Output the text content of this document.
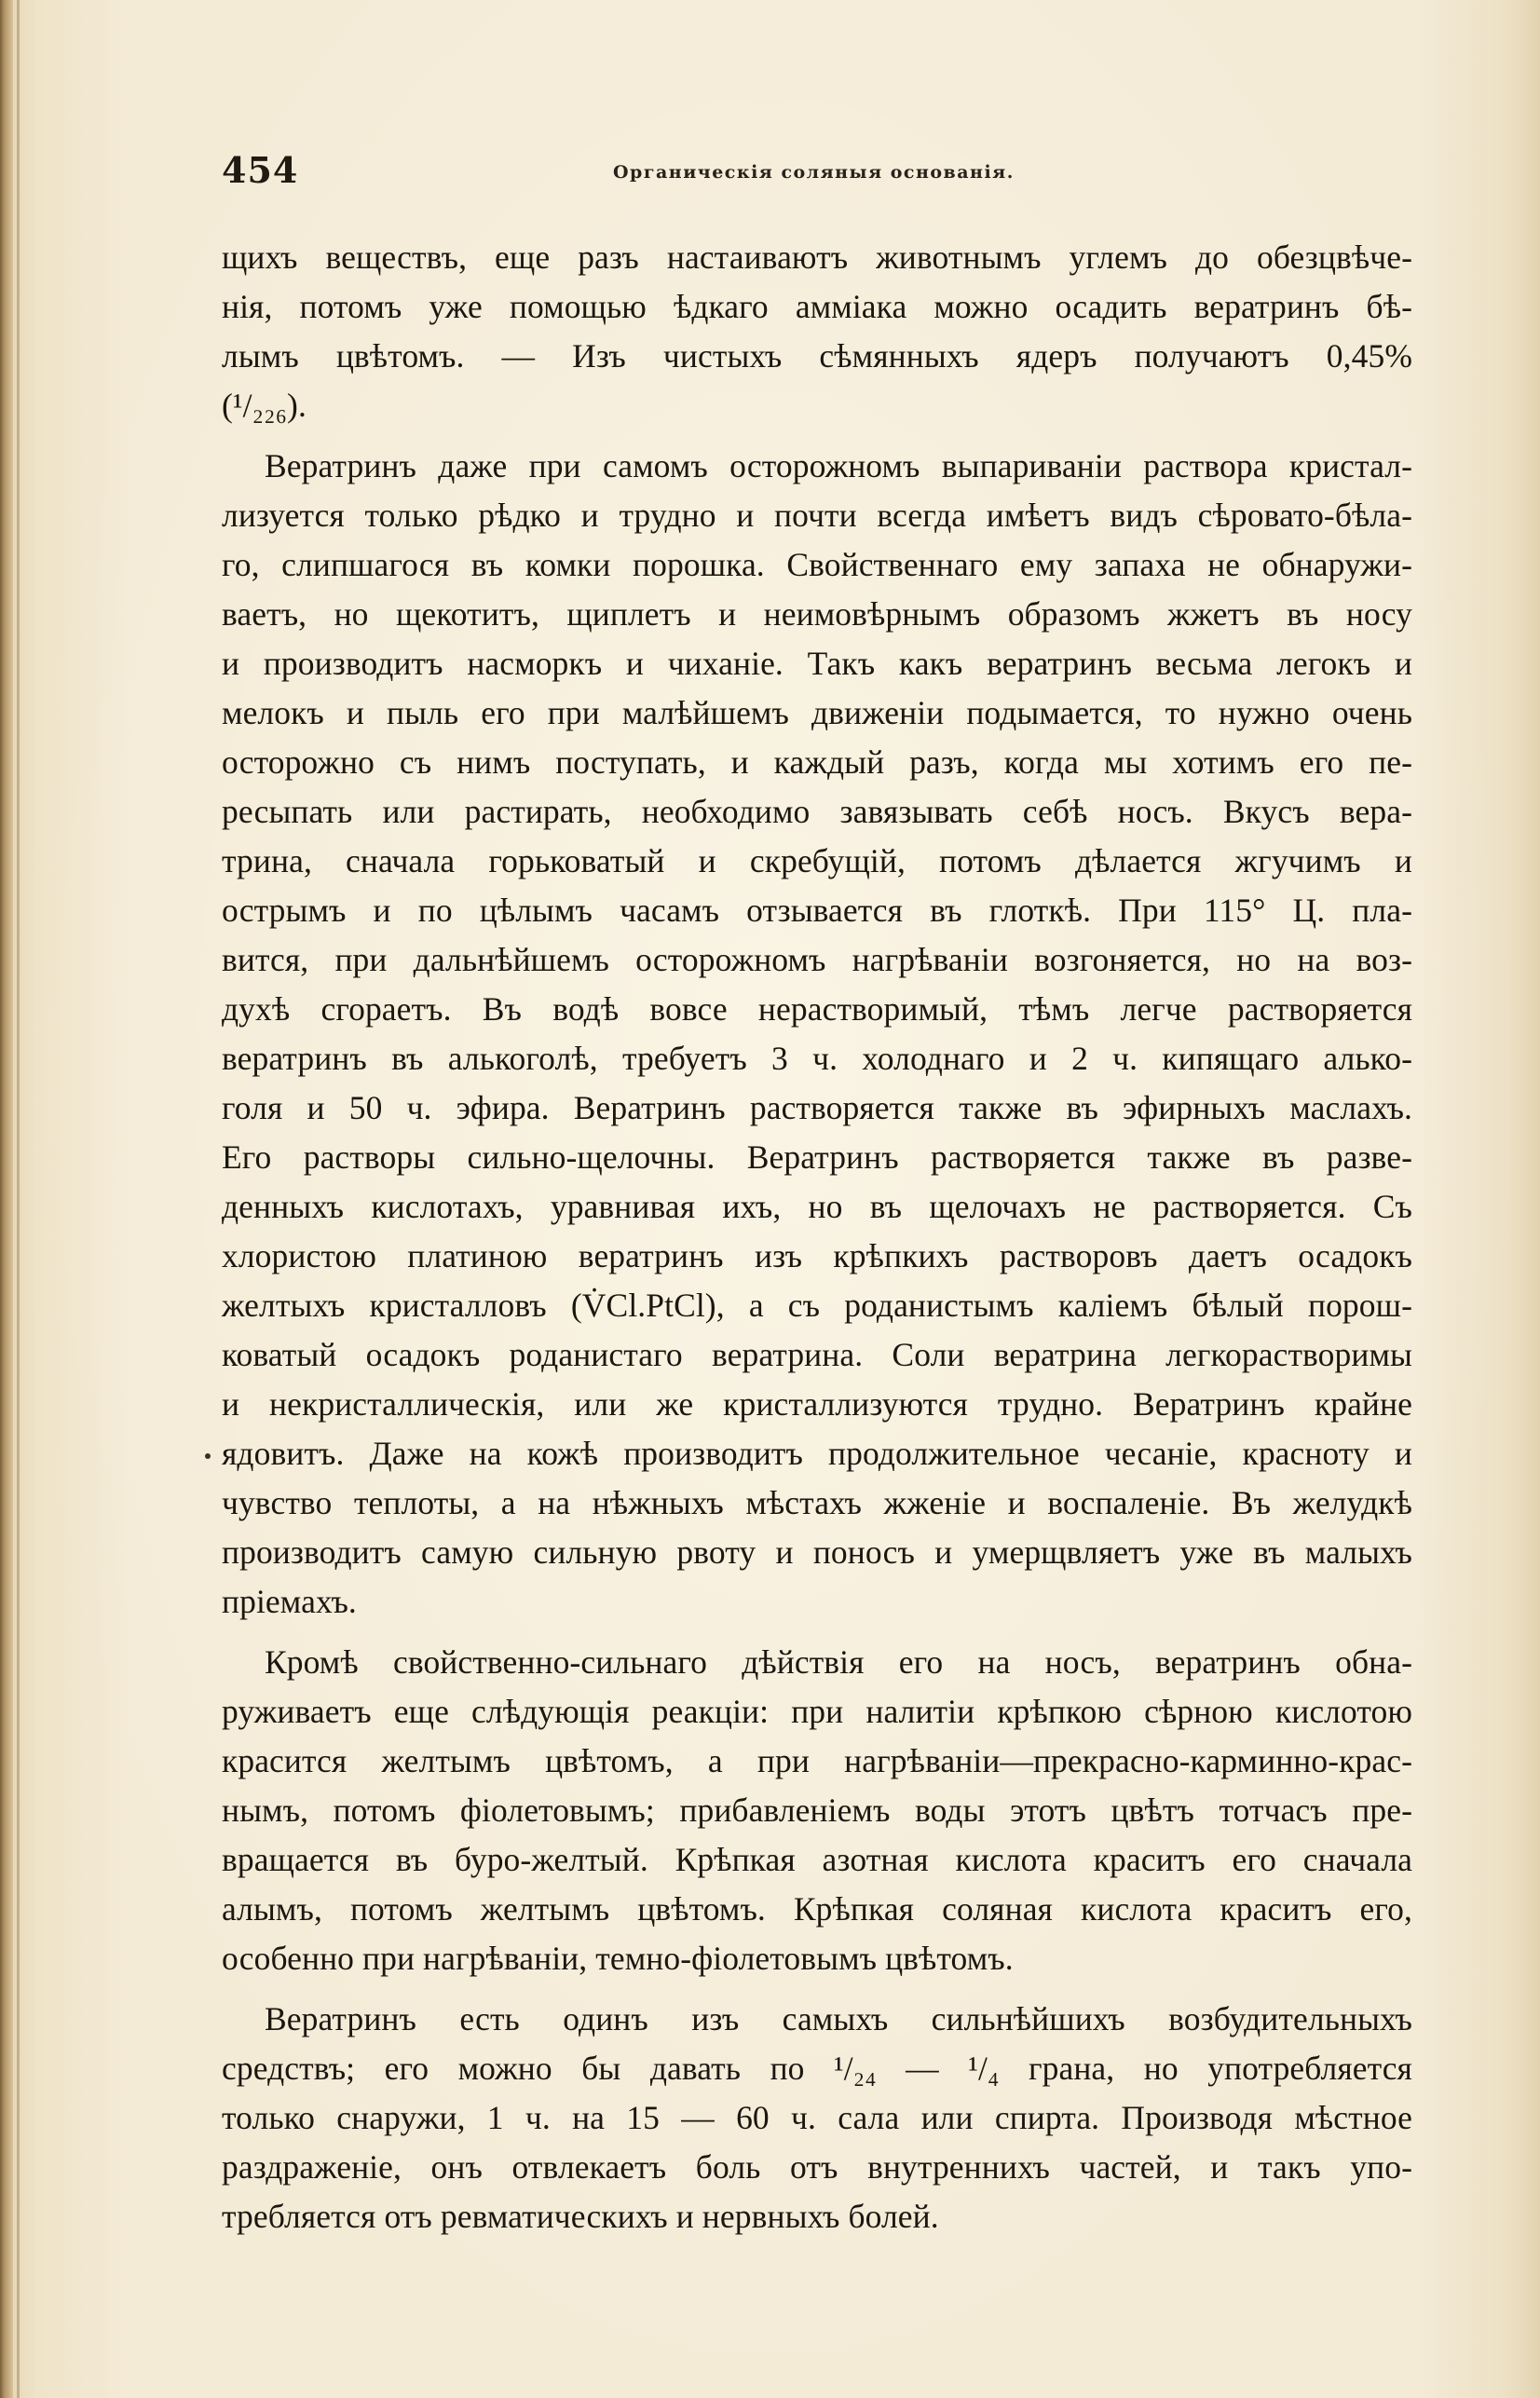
454	Органическія соляныя основанія.
щихъ веществъ, еще разъ настаиваютъ животнымъ углемъ до обезцвѣче-
нія, потомъ уже помощью ѣдкаго амміака можно осадить вератринъ бѣ-
лымъ цвѣтомъ. — Изъ чистыхъ сѣмянныхъ ядеръ получаютъ 0,45%
(¹/₂₂₆).
Вератринъ даже при самомъ осторожномъ выпариваніи раствора кристал-
лизуется только рѣдко и трудно и почти всегда имѣетъ видъ сѣровато-бѣла-
го, слипшагося въ комки порошка. Свойственнаго ему запаха не обнаружи-
ваетъ, но щекотитъ, щиплетъ и неимовѣрнымъ образомъ жжетъ въ носу
и производитъ насморкъ и чиханіе. Такъ какъ вератринъ весьма легокъ и
мелокъ и пыль его при малѣйшемъ движеніи подымается, то нужно очень
осторожно съ нимъ поступать, и каждый разъ, когда мы хотимъ его пе-
ресыпать или растирать, необходимо завязывать себѣ носъ. Вкусъ вера-
трина, сначала горьковатый и скребущій, потомъ дѣлается жгучимъ и
острымъ и по цѣлымъ часамъ отзывается въ глоткѣ. При 115° Ц. пла-
вится, при дальнѣйшемъ осторожномъ нагрѣваніи возгоняется, но на воз-
духѣ сгораетъ. Въ водѣ вовсе нерастворимый, тѣмъ легче растворяется
вератринъ въ алькоголѣ, требуетъ 3 ч. холоднаго и 2 ч. кипящаго алько-
голя и 50 ч. эфира. Вератринъ растворяется также въ эфирныхъ маслахъ.
Его растворы сильно-щелочны. Вератринъ растворяется также въ разве-
денныхъ кислотахъ, уравнивая ихъ, но въ щелочахъ не растворяется. Съ
хлористою платиною вератринъ изъ крѣпкихъ растворовъ даетъ осадокъ
желтыхъ кристалловъ (V̇Cl.PtCl), а съ роданистымъ каліемъ бѣлый порош-
коватый осадокъ роданистаго вератрина. Соли вератрина легкорастворимы
и некристаллическія, или же кристаллизуются трудно. Вератринъ крайне
ядовитъ. Даже на кожѣ производитъ продолжительное чесаніе, красноту и
чувство теплоты, а на нѣжныхъ мѣстахъ жженіе и воспаленіе. Въ желудкѣ
производитъ самую сильную рвоту и поносъ и умерщвляетъ уже въ малыхъ
пріемахъ.
Кромѣ свойственно-сильнаго дѣйствія его на носъ, вератринъ обна-
руживаетъ еще слѣдующія реакціи: при налитіи крѣпкою сѣрною кислотою
красится желтымъ цвѣтомъ, а при нагрѣваніи—прекрасно-карминно-крас-
нымъ, потомъ фіолетовымъ; прибавленіемъ воды этотъ цвѣтъ тотчасъ пре-
вращается въ буро-желтый. Крѣпкая азотная кислота краситъ его сначала
алымъ, потомъ желтымъ цвѣтомъ. Крѣпкая соляная кислота краситъ его,
особенно при нагрѣваніи, темно-фіолетовымъ цвѣтомъ.
Вератринъ есть одинъ изъ самыхъ сильнѣйшихъ возбудительныхъ
средствъ; его можно бы давать по ¹/₂₄ — ¹/₄ грана, но употребляется
только снаружи, 1 ч. на 15 — 60 ч. сала или спирта. Производя мѣстное
раздраженіе, онъ отвлекаетъ боль отъ внутреннихъ частей, и такъ упо-
требляется отъ ревматическихъ и нервныхъ болей.
